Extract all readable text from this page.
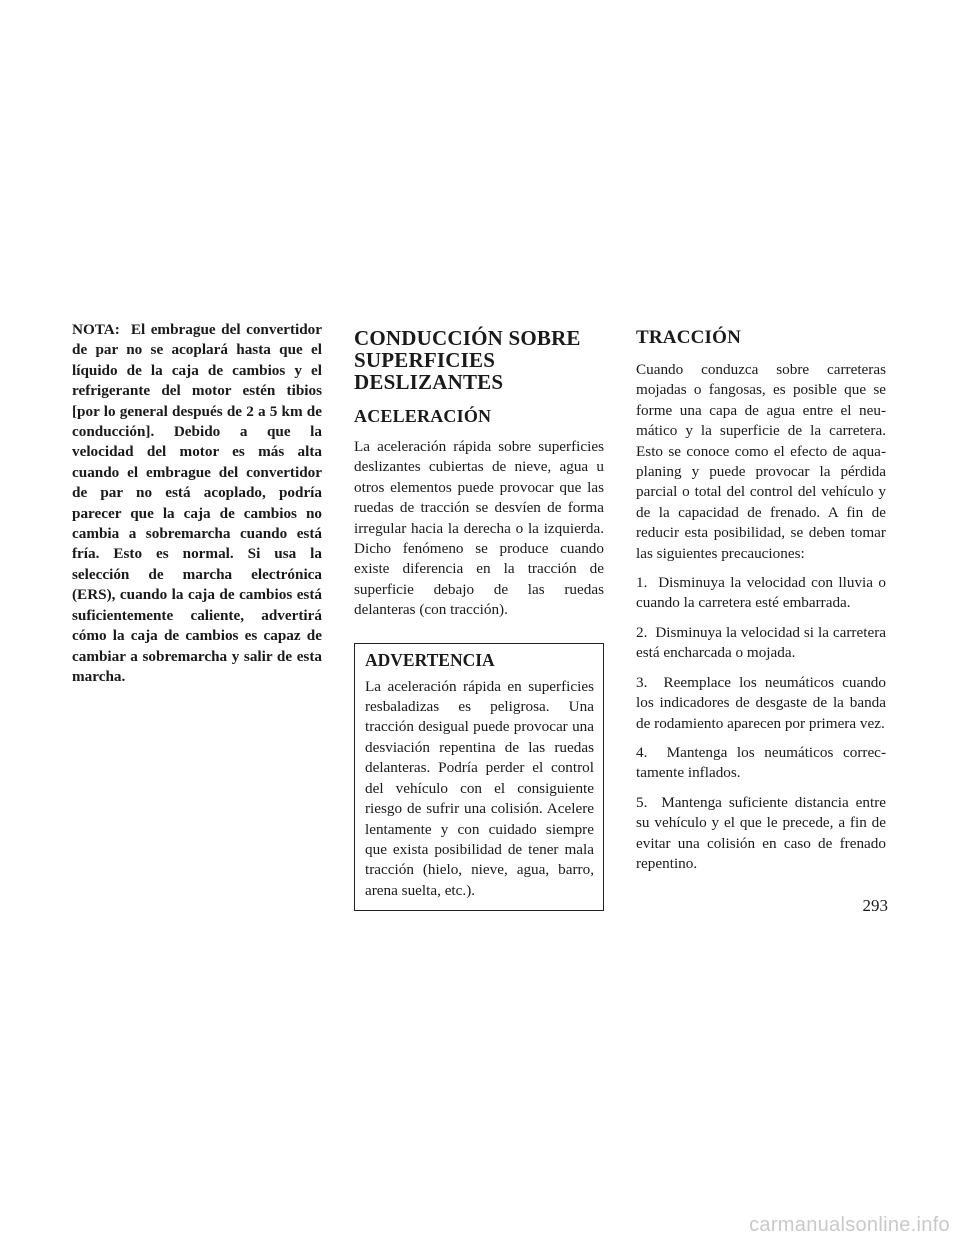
NOTA:  El embrague del convertidor de par no se acoplará hasta que el líquido de la caja de cambios y el refrigerante del motor estén tibios [por lo general después de 2 a 5 km de conducción]. Debido a que la velocidad del motor es más alta cuando el embrague del convertidor de par no está acoplado, podría parecer que la caja de cambios no cambia a sobremarcha cuando está fría. Esto es normal. Si usa la selección de marcha electrónica (ERS), cuando la caja de cambios está suficientemente caliente, advertirá cómo la caja de cambios es capaz de cambiar a sobremarcha y salir de esta marcha.

CONDUCCIÓN SOBRE SUPERFICIES DESLIZANTES
ACELERACIÓN

La aceleración rápida sobre superficies deslizantes cubiertas de nieve, agua u otros elementos puede provocar que las ruedas de tracción se desvíen de forma irregular hacia la derecha o la izquierda. Dicho fenómeno se produce cuando existe diferencia en la tracción de superficie debajo de las ruedas delanteras (con tracción).

ADVERTENCIA

La aceleración rápida en superficies resbaladizas es peligrosa. Una tracción desigual puede provocar una desviación repentina de las ruedas delanteras. Podría perder el control del vehículo con el consiguiente riesgo de sufrir una colisión. Acelere lentamente y con cuidado siempre que exista posibilidad de tener mala tracción (hielo, nieve, agua, barro, arena suelta, etc.).

TRACCIÓN

Cuando conduzca sobre carreteras mojadas o fangosas, es posible que se forme una capa de agua entre el neumático y la superficie de la carretera. Esto se conoce como el efecto de aquaplaning y puede provocar la pérdida parcial o total del control del vehículo y de la capacidad de frenado. A fin de reducir esta posibilidad, se deben tomar las siguientes precauciones:

1.  Disminuya la velocidad con lluvia o cuando la carretera esté embarrada.

2.  Disminuya la velocidad si la carretera está encharcada o mojada.

3.  Reemplace los neumáticos cuando los indicadores de desgaste de la banda de rodamiento aparecen por primera vez.

4.  Mantenga los neumáticos correctamente inflados.

5.  Mantenga suficiente distancia entre su vehículo y el que le precede, a fin de evitar una colisión en caso de frenado repentino.

293
carmanualsonline.info
